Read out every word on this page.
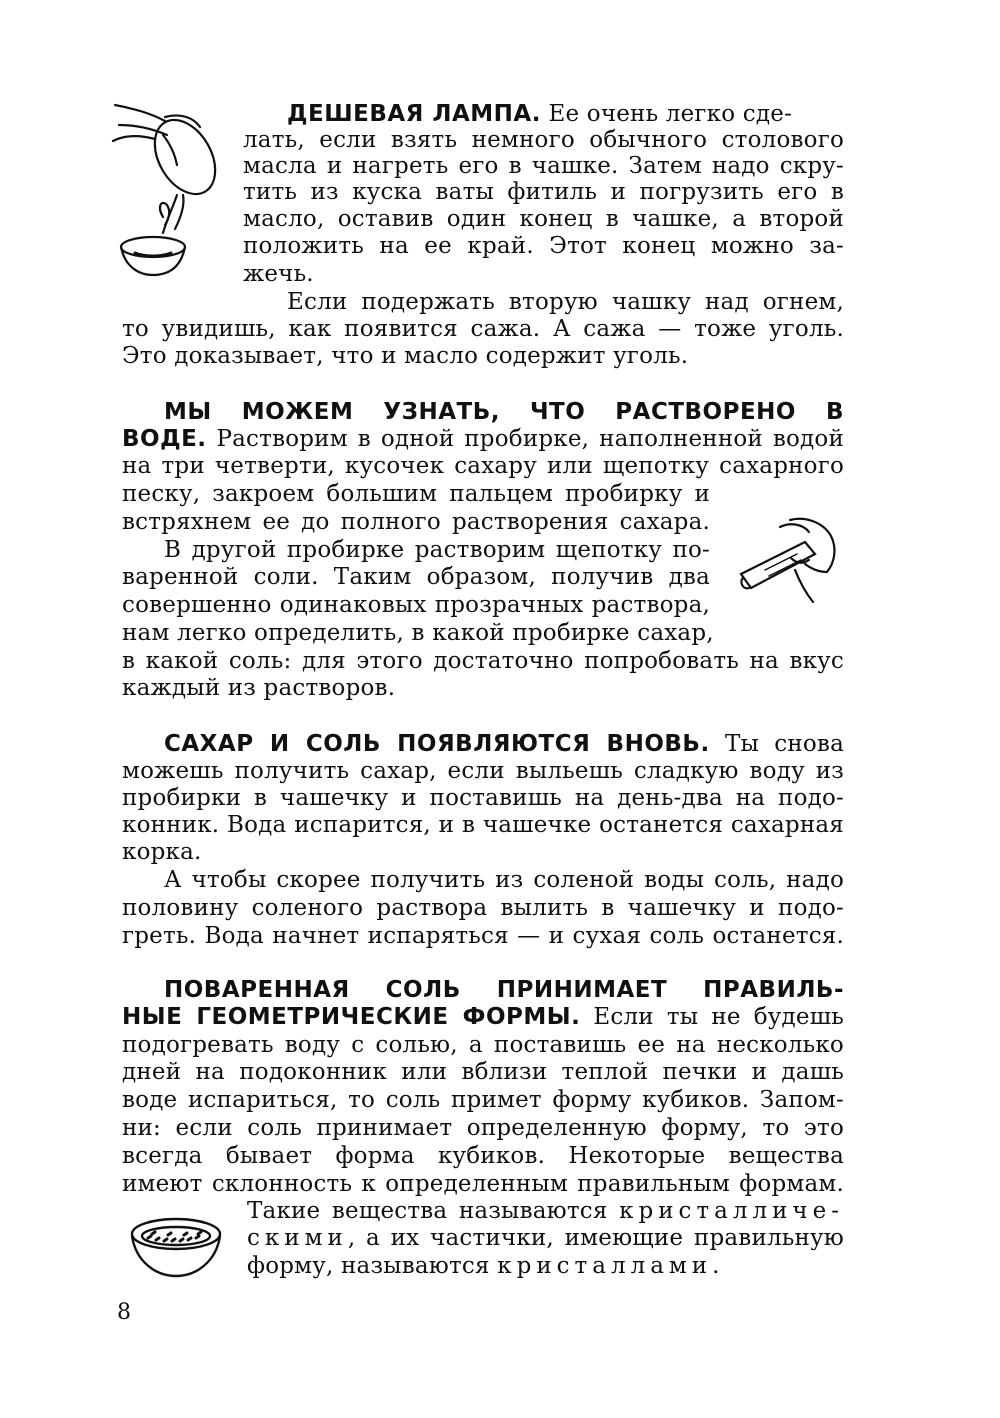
ДЕШЕВАЯ ЛАМПА. Ее очень легко сде-
лать, если взять немного обычного столового
масла и нагреть его в чашке. Затем надо скру-
тить из куска ваты фитиль и погрузить его в
масло, оставив один конец в чашке, а второй
положить на ее край. Этот конец можно за-
жечь.
Если подержать вторую чашку над огнем,
то увидишь, как появится сажа. А сажа — тоже уголь.
Это доказывает, что и масло содержит уголь.
МЫ МОЖЕМ УЗНАТЬ, ЧТО РАСТВОРЕНО В
ВОДЕ. Растворим в одной пробирке, наполненной водой
на три четверти, кусочек сахару или щепотку сахарного
песку, закроем большим пальцем пробирку и
встряхнем ее до полного растворения сахара.
В другой пробирке растворим щепотку по-
варенной соли. Таким образом, получив два
совершенно одинаковых прозрачных раствора,
нам легко определить, в какой пробирке сахар,
в какой соль: для этого достаточно попробовать на вкус
каждый из растворов.
САХАР И СОЛЬ ПОЯВЛЯЮТСЯ ВНОВЬ. Ты снова
можешь получить сахар, если выльешь сладкую воду из
пробирки в чашечку и поставишь на день-два на подо-
конник. Вода испарится, и в чашечке останется сахарная
корка.
А чтобы скорее получить из соленой воды соль, надо
половину соленого раствора вылить в чашечку и подо-
греть. Вода начнет испаряться — и сухая соль останется.
ПОВАРЕННАЯ СОЛЬ ПРИНИМАЕТ ПРАВИЛЬ-
НЫЕ ГЕОМЕТРИЧЕСКИЕ ФОРМЫ. Если ты не будешь
подогревать воду с солью, а поставишь ее на несколько
дней на подоконник или вблизи теплой печки и дашь
воде испариться, то соль примет форму кубиков. Запом-
ни: если соль принимает определенную форму, то это
всегда бывает форма кубиков. Некоторые вещества
имеют склонность к определенным правильным формам.
Такие вещества называются кристалличе-
скими, а их частички, имеющие правильную
форму, называются кристаллами.
8
